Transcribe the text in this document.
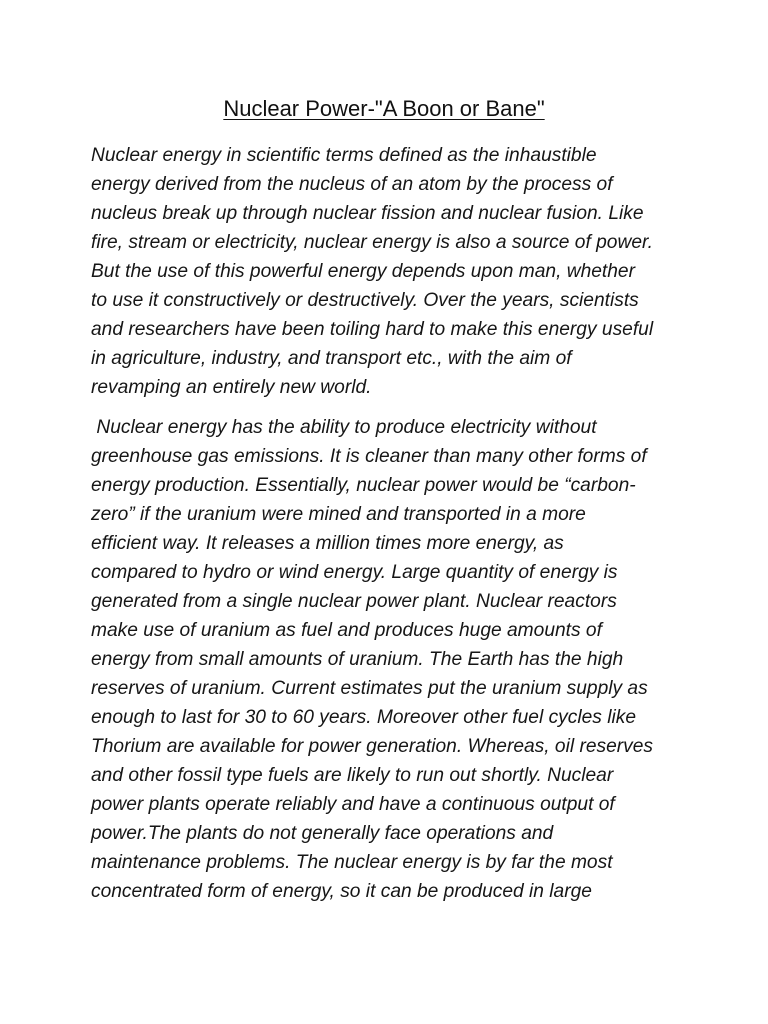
Nuclear Power-"A Boon or Bane"

Nuclear energy in scientific terms defined as the inhaustible
energy derived from the nucleus of an atom by the process of
nucleus break up through nuclear fission and nuclear fusion. Like
fire, stream or electricity, nuclear energy is also a source of power.
But the use of this powerful energy depends upon man, whether
to use it constructively or destructively. Over the years, scientists
and researchers have been toiling hard to make this energy useful
in agriculture, industry, and transport etc., with the aim of
revamping an entirely new world.

Nuclear energy has the ability to produce electricity without
greenhouse gas emissions. It is cleaner than many other forms of
energy production. Essentially, nuclear power would be “carbon-
zero” if the uranium were mined and transported in a more
efficient way. It releases a million times more energy, as
compared to hydro or wind energy. Large quantity of energy is
generated from a single nuclear power plant. Nuclear reactors
make use of uranium as fuel and produces huge amounts of
energy from small amounts of uranium. The Earth has the high
reserves of uranium. Current estimates put the uranium supply as
enough to last for 30 to 60 years. Moreover other fuel cycles like
Thorium are available for power generation. Whereas, oil reserves
and other fossil type fuels are likely to run out shortly. Nuclear
power plants operate reliably and have a continuous output of
power.The plants do not generally face operations and
maintenance problems. The nuclear energy is by far the most
concentrated form of energy, so it can be produced in large
